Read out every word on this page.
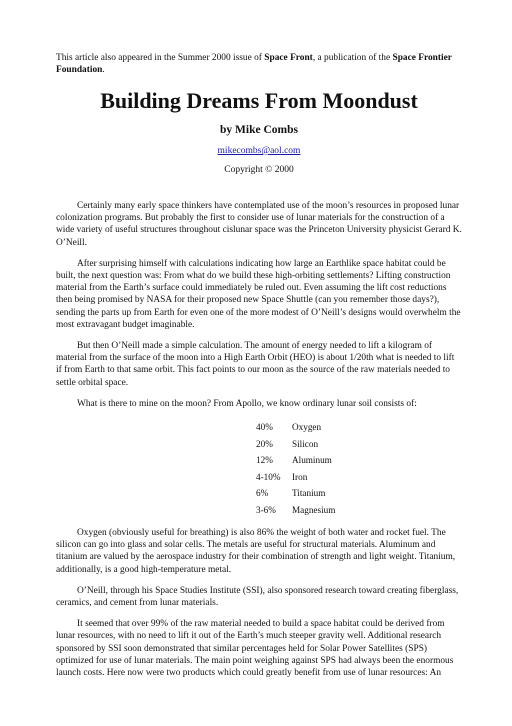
This article also appeared in the Summer 2000 issue of Space Front, a publication of the Space Frontier Foundation.

Building Dreams From Moondust
by Mike Combs
mikecombs@aol.com
Copyright © 2000

Certainly many early space thinkers have contemplated use of the moon’s resources in proposed lunar colonization programs. But probably the first to consider use of lunar materials for the construction of a wide variety of useful structures throughout cislunar space was the Princeton University physicist Gerard K. O’Neill.

After surprising himself with calculations indicating how large an Earthlike space habitat could be built, the next question was: From what do we build these high-orbiting settlements? Lifting construction material from the Earth’s surface could immediately be ruled out. Even assuming the lift cost reductions then being promised by NASA for their proposed new Space Shuttle (can you remember those days?), sending the parts up from Earth for even one of the more modest of O’Neill’s designs would overwhelm the most extravagant budget imaginable.

But then O’Neill made a simple calculation. The amount of energy needed to lift a kilogram of material from the surface of the moon into a High Earth Orbit (HEO) is about 1/20th what is needed to lift if from Earth to that same orbit. This fact points to our moon as the source of the raw materials needed to settle orbital space.

What is there to mine on the moon? From Apollo, we know ordinary lunar soil consists of:

40%	Oxygen
20%	Silicon
12%	Aluminum
4-10%	Iron
6%	Titanium
3-6%	Magnesium

Oxygen (obviously useful for breathing) is also 86% the weight of both water and rocket fuel. The silicon can go into glass and solar cells. The metals are useful for structural materials. Aluminum and titanium are valued by the aerospace industry for their combination of strength and light weight. Titanium, additionally, is a good high-temperature metal.

O’Neill, through his Space Studies Institute (SSI), also sponsored research toward creating fiberglass, ceramics, and cement from lunar materials.

It seemed that over 99% of the raw material needed to build a space habitat could be derived from lunar resources, with no need to lift it out of the Earth’s much steeper gravity well. Additional research sponsored by SSI soon demonstrated that similar percentages held for Solar Power Satellites (SPS) optimized for use of lunar materials. The main point weighing against SPS had always been the enormous launch costs. Here now were two products which could greatly benefit from use of lunar resources: An
